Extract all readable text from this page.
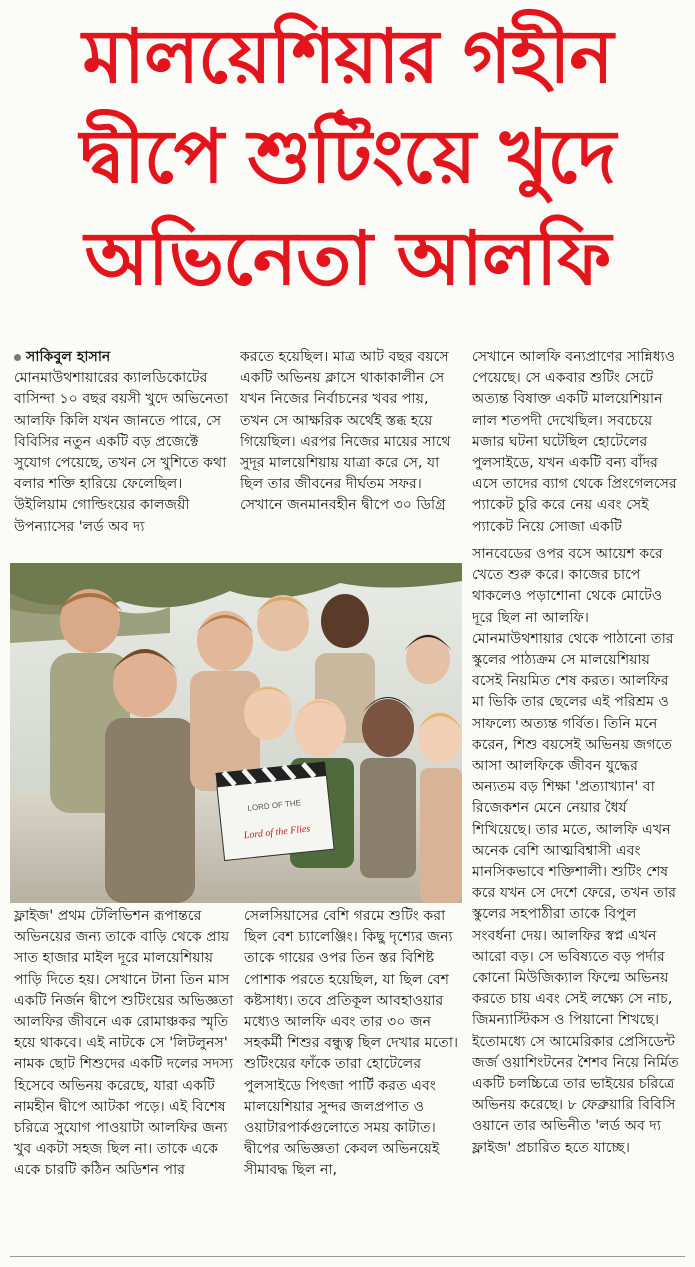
মালয়েশিয়ার গহীন
দ্বীপে শুটিংয়ে খুদে
অভিনেতা আলফি

সাকিবুল হাসান

মোনমাউথশায়ারের ক্যালডিকোটের বাসিন্দা ১০ বছর বয়সী খুদে অভিনেতা আলফি কিলি যখন জানতে পারে, সে বিবিসির নতুন একটি বড় প্রজেক্টে সুযোগ পেয়েছে, তখন সে খুশিতে কথা বলার শক্তি হারিয়ে ফেলেছিল। উইলিয়াম গোল্ডিংয়ের কালজয়ী উপন্যাসের 'লর্ড অব দ্য

করতে হয়েছিল। মাত্র আট বছর বয়সে একটি অভিনয় ক্লাসে থাকাকালীন সে যখন নিজের নির্বাচনের খবর পায়, তখন সে আক্ষরিক অর্থেই স্তব্ধ হয়ে গিয়েছিল। এরপর নিজের মায়ের সাথে সুদূর মালয়েশিয়ায় যাত্রা করে সে, যা ছিল তার জীবনের দীর্ঘতম সফর। সেখানে জনমানবহীন দ্বীপে ৩০ ডিগ্রি

সেখানে আলফি বন্যপ্রাণের সান্নিধ্যও পেয়েছে। সে একবার শুটিং সেটে অত্যন্ত বিষাক্ত একটি মালয়েশিয়ান লাল শতপদী দেখেছিল। সবচেয়ে মজার ঘটনা ঘটেছিল হোটেলের পুলসাইডে, যখন একটি বন্য বাঁদর এসে তাদের ব্যাগ থেকে প্রিংগেলসের প্যাকেট চুরি করে নেয় এবং সেই প্যাকেট নিয়ে সোজা একটি

LORD OF THE
Lord of the Flies

সানবেডের ওপর বসে আয়েশ করে খেতে শুরু করে। কাজের চাপে থাকলেও পড়াশোনা থেকে মোটেও দূরে ছিল না আলফি। মোনমাউথশায়ার থেকে পাঠানো তার স্কুলের পাঠ্যক্রম সে মালয়েশিয়ায় বসেই নিয়মিত শেষ করত। আলফির মা ভিকি তার ছেলের এই পরিশ্রম ও সাফল্যে অত্যন্ত গর্বিত। তিনি মনে করেন, শিশু বয়সেই অভিনয় জগতে আসা আলফিকে জীবন যুদ্ধের অন্যতম বড় শিক্ষা 'প্রত্যাখ্যান' বা রিজেকশন মেনে নেয়ার ধৈর্য শিখিয়েছে। তার মতে, আলফি এখন অনেক বেশি আত্মবিশ্বাসী এবং মানসিকভাবে শক্তিশালী। শুটিং শেষ করে যখন সে দেশে ফেরে, তখন তার স্কুলের সহপাঠীরা তাকে বিপুল সংবর্ধনা দেয়। আলফির স্বপ্ন এখন আরো বড়। সে ভবিষ্যতে বড় পর্দার কোনো মিউজিক্যাল ফিল্মে অভিনয় করতে চায় এবং সেই লক্ষ্যে সে নাচ, জিমন্যাস্টিকস ও পিয়ানো শিখছে। ইতোমধ্যে সে আমেরিকার প্রেসিডেন্ট জর্জ ওয়াশিংটনের শৈশব নিয়ে নির্মিত একটি চলচ্চিত্রে তার ভাইয়ের চরিত্রে অভিনয় করেছে। ৮ ফেব্রুয়ারি বিবিসি ওয়ানে তার অভিনীত 'লর্ড অব দ্য ফ্লাইজ' প্রচারিত হতে যাচ্ছে।

ফ্লাইজ' প্রথম টেলিভিশন রূপান্তরে অভিনয়ের জন্য তাকে বাড়ি থেকে প্রায় সাত হাজার মাইল দূরে মালয়েশিয়ায় পাড়ি দিতে হয়। সেখানে টানা তিন মাস একটি নির্জন দ্বীপে শুটিংয়ের অভিজ্ঞতা আলফির জীবনে এক রোমাঞ্চকর স্মৃতি হয়ে থাকবে। এই নাটকে সে 'লিটলুনস' নামক ছোট শিশুদের একটি দলের সদস্য হিসেবে অভিনয় করেছে, যারা একটি নামহীন দ্বীপে আটকা পড়ে। এই বিশেষ চরিত্রে সুযোগ পাওয়াটা আলফির জন্য খুব একটা সহজ ছিল না। তাকে একে একে চারটি কঠিন অডিশন পার

সেলসিয়াসের বেশি গরমে শুটিং করা ছিল বেশ চ্যালেঞ্জিং। কিছু দৃশ্যের জন্য তাকে গায়ের ওপর তিন স্তর বিশিষ্ট পোশাক পরতে হয়েছিল, যা ছিল বেশ কষ্টসাধ্য। তবে প্রতিকূল আবহাওয়ার মধ্যেও আলফি এবং তার ৩০ জন সহকর্মী শিশুর বন্ধুত্ব ছিল দেখার মতো। শুটিংয়ের ফাঁকে তারা হোটেলের পুলসাইডে পিৎজা পার্টি করত এবং মালয়েশিয়ার সুন্দর জলপ্রপাত ও ওয়াটারপার্কগুলোতে সময় কাটাত। দ্বীপের অভিজ্ঞতা কেবল অভিনয়েই সীমাবদ্ধ ছিল না,
